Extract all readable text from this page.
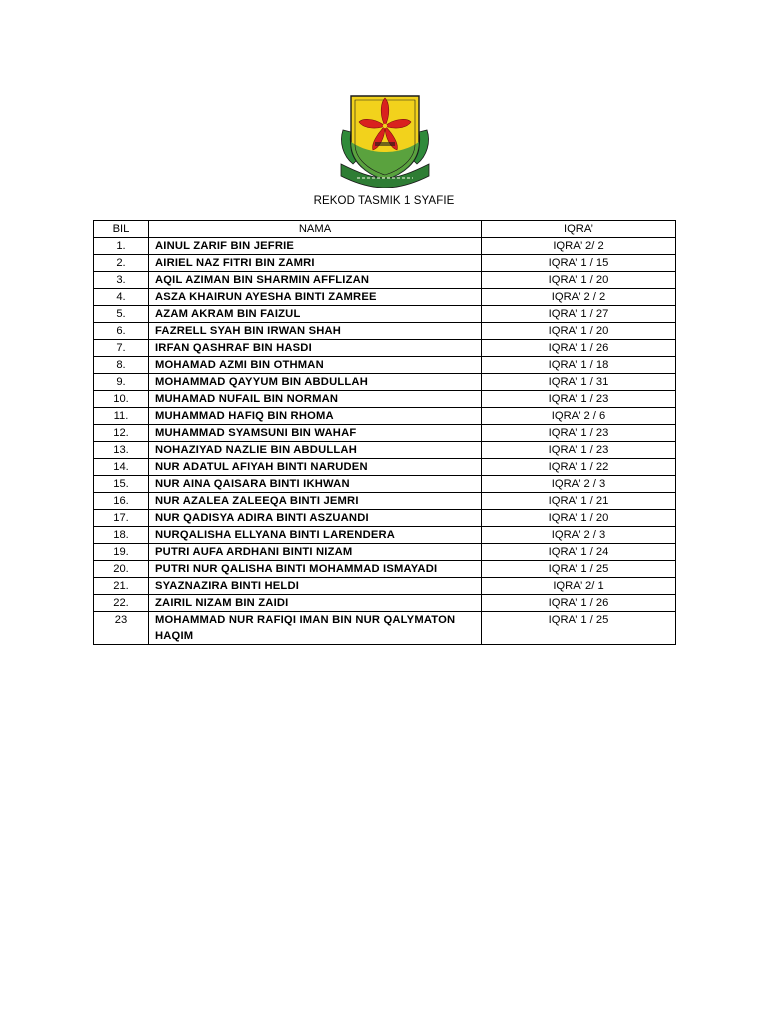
REKOD TASMIK 1 SYAFIE
BIL	NAMA	IQRA’
1.	AINUL ZARIF BIN JEFRIE	IQRA’ 2/ 2
2.	AIRIEL NAZ FITRI BIN ZAMRI	IQRA’ 1 / 15
3.	AQIL AZIMAN BIN SHARMIN AFFLIZAN	IQRA’ 1 / 20
4.	ASZA KHAIRUN AYESHA BINTI ZAMREE	IQRA’ 2 / 2
5.	AZAM AKRAM BIN FAIZUL	IQRA’ 1 / 27
6.	FAZRELL SYAH BIN IRWAN SHAH	IQRA’ 1 / 20
7.	IRFAN QASHRAF BIN HASDI	IQRA’ 1 / 26
8.	MOHAMAD AZMI BIN OTHMAN	IQRA’ 1 / 18
9.	MOHAMMAD QAYYUM BIN ABDULLAH	IQRA’ 1 / 31
10.	MUHAMAD NUFAIL BIN NORMAN	IQRA’ 1 / 23
11.	MUHAMMAD HAFIQ BIN RHOMA	IQRA’ 2 / 6
12.	MUHAMMAD SYAMSUNI BIN WAHAF	IQRA’ 1 / 23
13.	NOHAZIYAD NAZLIE BIN ABDULLAH	IQRA’ 1 / 23
14.	NUR ADATUL AFIYAH BINTI NARUDEN	IQRA’ 1 / 22
15.	NUR AINA QAISARA BINTI IKHWAN	IQRA’ 2 / 3
16.	NUR AZALEA ZALEEQA BINTI JEMRI	IQRA’ 1 / 21
17.	NUR QADISYA ADIRA BINTI ASZUANDI	IQRA’ 1 / 20
18.	NURQALISHA ELLYANA BINTI LARENDERA	IQRA’ 2 / 3
19.	PUTRI AUFA ARDHANI BINTI NIZAM	IQRA’ 1 / 24
20.	PUTRI NUR QALISHA BINTI MOHAMMAD ISMAYADI	IQRA’ 1 / 25
21.	SYAZNAZIRA BINTI HELDI	IQRA’ 2/ 1
22.	ZAIRIL NIZAM BIN ZAIDI	IQRA’ 1 / 26
23	MOHAMMAD NUR RAFIQI IMAN BIN NUR QALYMATON HAQIM	IQRA’ 1 / 25
